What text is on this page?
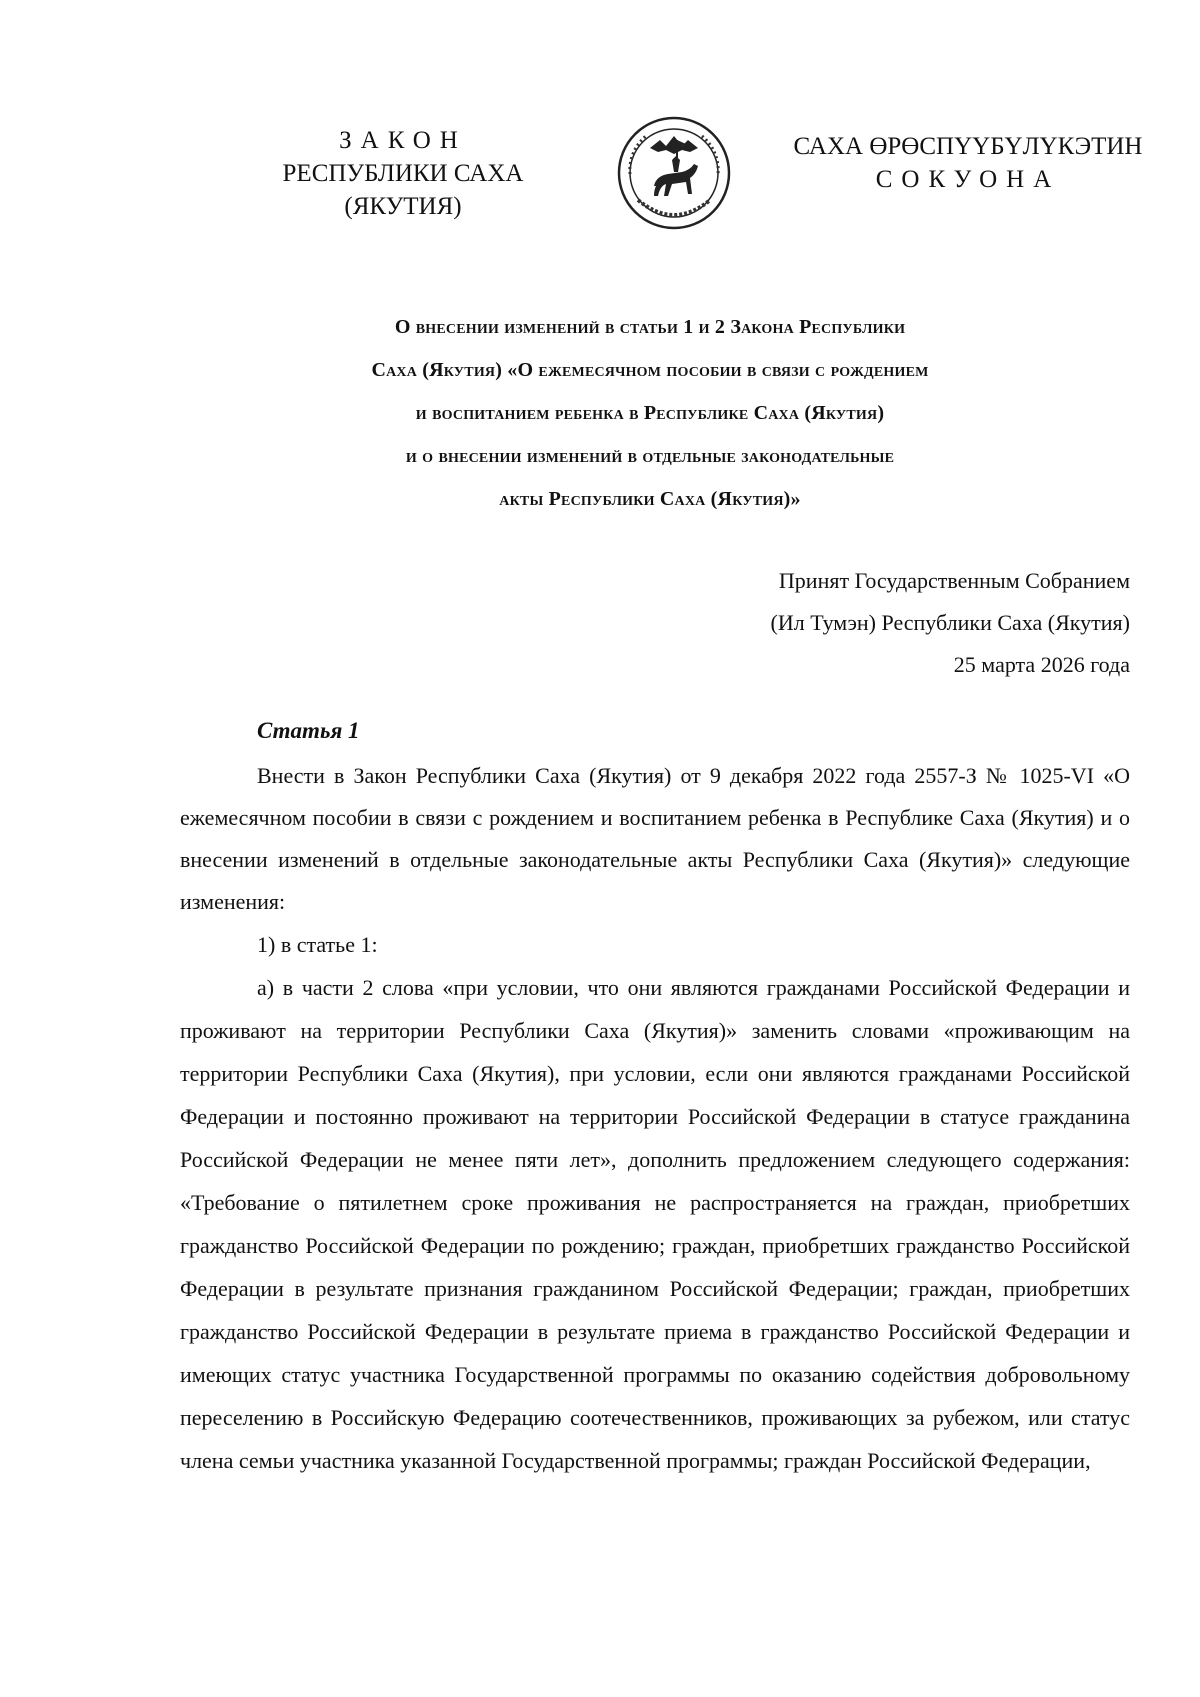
ЗАКОН
РЕСПУБЛИКИ САХА (ЯКУТИЯ)
САХА ӨРӨСПҮҮБҮЛҮКЭТИН
СОКУОНА
О внесении изменений в статьи 1 и 2 Закона Республики
Саха (Якутия) «О ежемесячном пособии в связи с рождением
и воспитанием ребенка в Республике Саха (Якутия)
и о внесении изменений в отдельные законодательные
акты Республики Саха (Якутия)»
Принят Государственным Собранием
(Ил Тумэн) Республики Саха (Якутия)
25 марта 2026 года
Статья 1

Внести в Закон Республики Саха (Якутия) от 9 декабря 2022 года 2557-З № 1025-VI «О ежемесячном пособии в связи с рождением и воспитанием ребенка в Республике Саха (Якутия) и о внесении изменений в отдельные законодательные акты Республики Саха (Якутия)» следующие изменения:

1) в статье 1:

а) в части 2 слова «при условии, что они являются гражданами Российской Федерации и проживают на территории Республики Саха (Якутия)» заменить словами «проживающим на территории Республики Саха (Якутия), при условии, если они являются гражданами Российской Федерации и постоянно проживают на территории Российской Федерации в статусе гражданина Российской Федерации не менее пяти лет», дополнить предложением следующего содержания: «Требование о пятилетнем сроке проживания не распространяется на граждан, приобретших гражданство Российской Федерации по рождению; граждан, приобретших гражданство Российской Федерации в результате признания гражданином Российской Федерации; граждан, приобретших гражданство Российской Федерации в результате приема в гражданство Российской Федерации и имеющих статус участника Государственной программы по оказанию содействия добровольному переселению в Российскую Федерацию соотечественников, проживающих за рубежом, или статус члена семьи участника указанной Государственной программы; граждан Российской Федерации,
